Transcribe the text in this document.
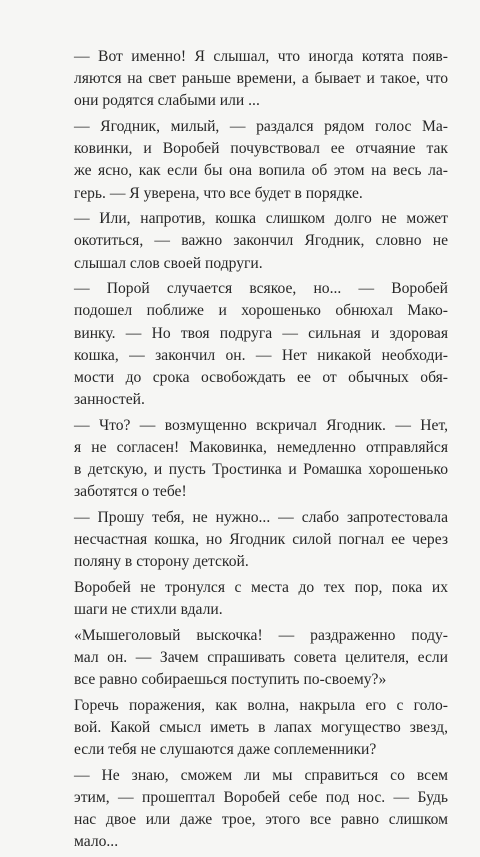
— Вот именно! Я слышал, что иногда котята появ-
ляются на свет раньше времени, а бывает и такое, что
они родятся слабыми или ...
— Ягодник, милый, — раздался рядом голос Ма-
ковинки, и Воробей почувствовал ее отчаяние так
же ясно, как если бы она вопила об этом на весь ла-
герь. — Я уверена, что все будет в порядке.
— Или, напротив, кошка слишком долго не может
окотиться, — важно закончил Ягодник, словно не
слышал слов своей подруги.
— Порой случается всякое, но... — Воробей
подошел поближе и хорошенько обнюхал Мако-
винку. — Но твоя подруга — сильная и здоровая
кошка, — закончил он. — Нет никакой необходи-
мости до срока освобождать ее от обычных обя-
занностей.
— Что? — возмущенно вскричал Ягодник. — Нет,
я не согласен! Маковинка, немедленно отправляйся
в детскую, и пусть Тростинка и Ромашка хорошенько
заботятся о тебе!
— Прошу тебя, не нужно... — слабо запротестовала
несчастная кошка, но Ягодник силой погнал ее через
поляну в сторону детской.
Воробей не тронулся с места до тех пор, пока их
шаги не стихли вдали.
«Мышеголовый выскочка! — раздраженно поду-
мал он. — Зачем спрашивать совета целителя, если
все равно собираешься поступить по-своему?»
Горечь поражения, как волна, накрыла его с голо-
вой. Какой смысл иметь в лапах могущество звезд,
если тебя не слушаются даже соплеменники?
— Не знаю, сможем ли мы справиться со всем
этим, — прошептал Воробей себе под нос. — Будь
нас двое или даже трое, этого все равно слишком
мало...
